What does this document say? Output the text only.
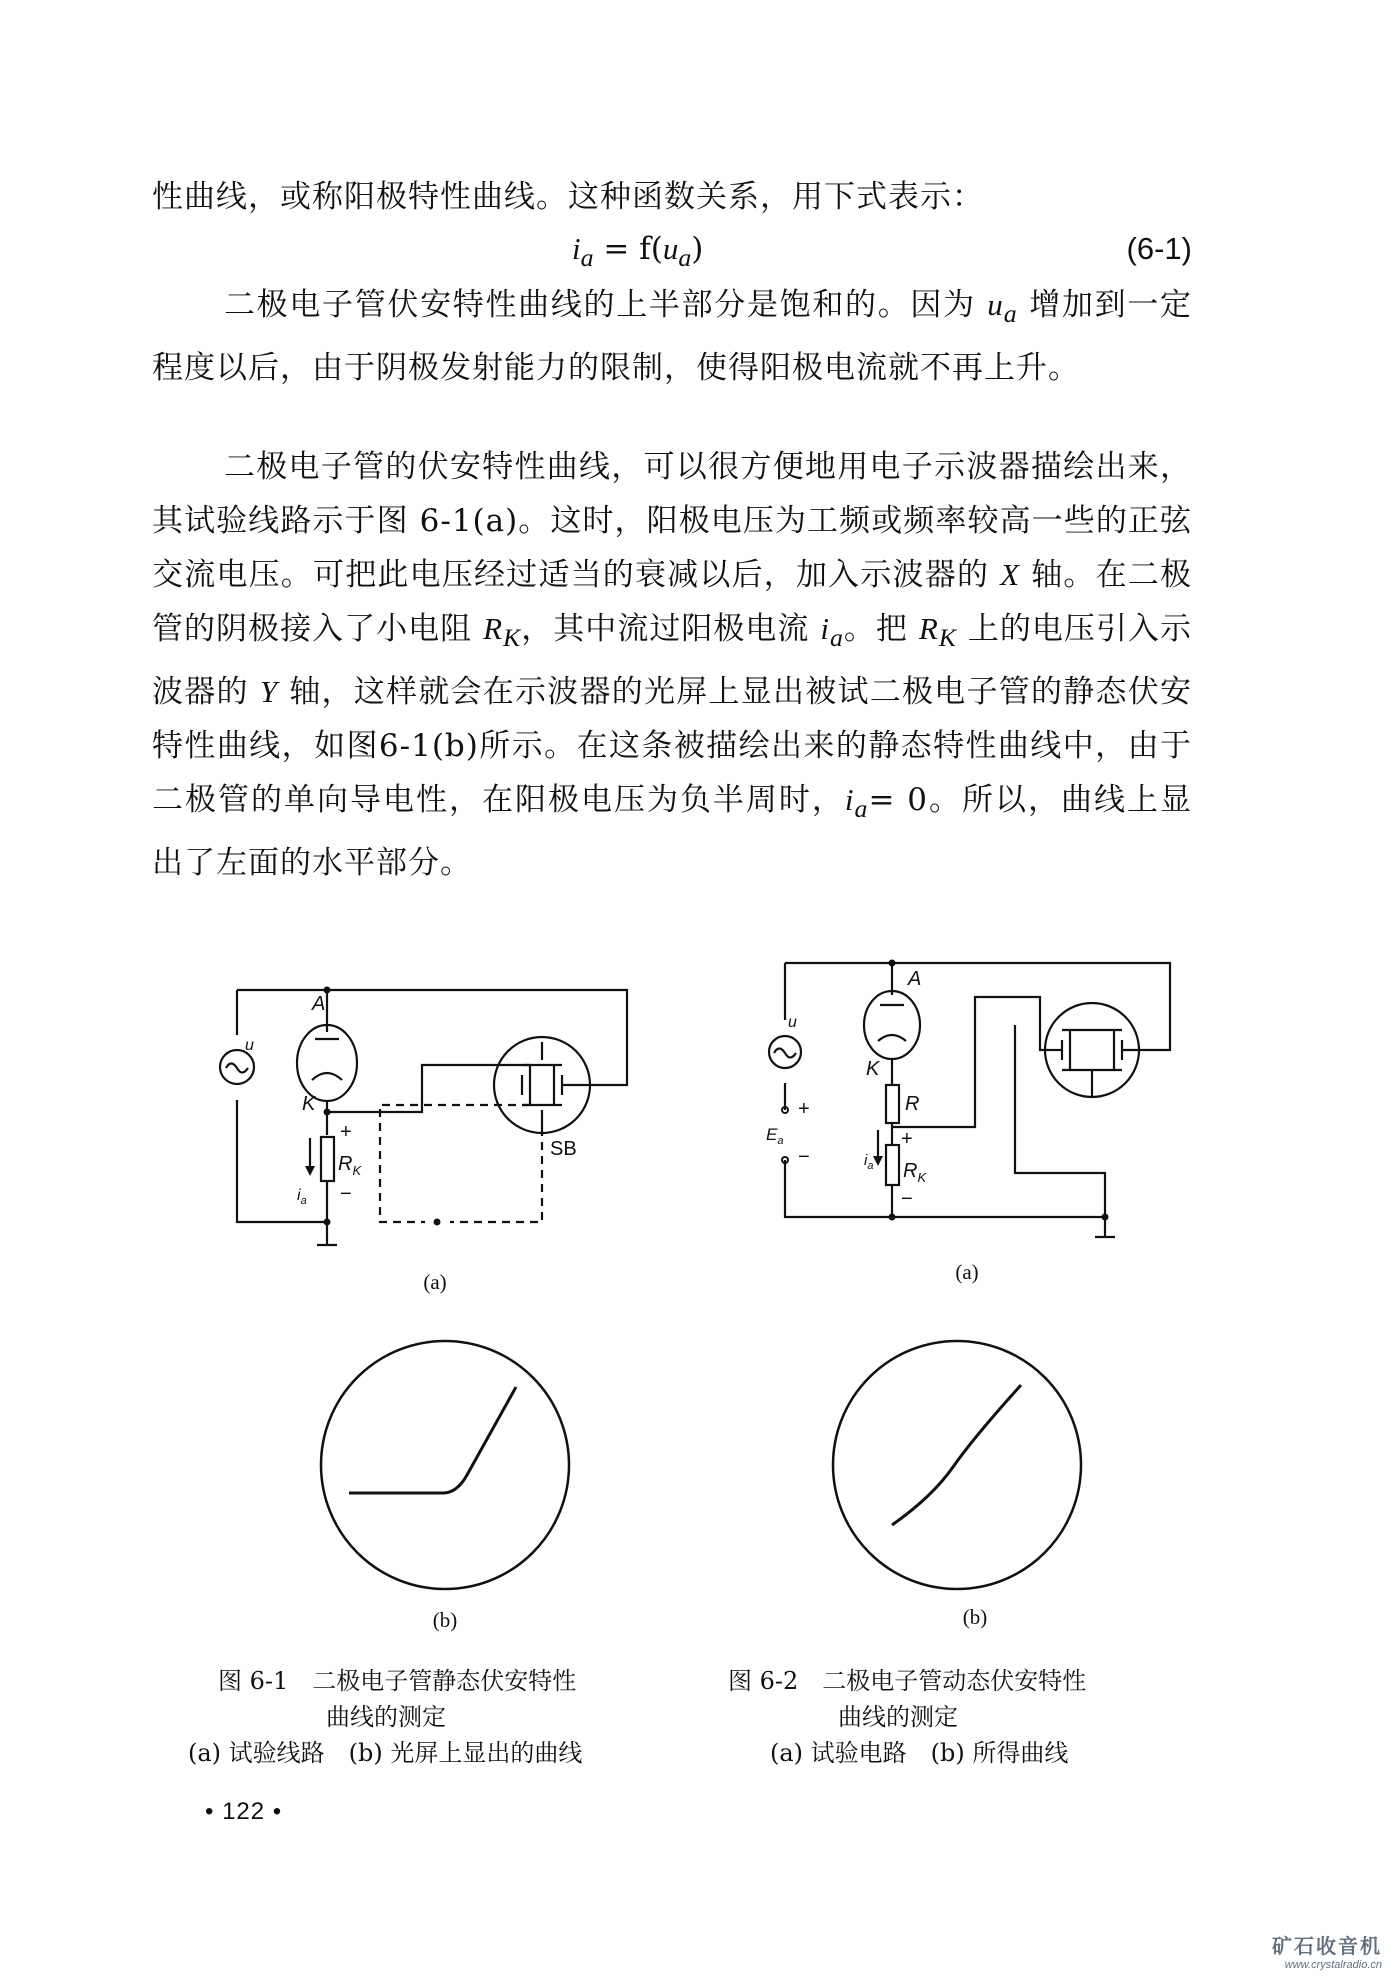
性曲线，或称阳极特性曲线。这种函数关系，用下式表示：

$i_a = f(u_a)$	(6-1)

二极电子管伏安特性曲线的上半部分是饱和的。因为 $u_a$ 增加到一定程度以后，由于阴极发射能力的限制，使得阳极电流就不再上升。

二极电子管的伏安特性曲线，可以很方便地用电子示波器描绘出来，其试验线路示于图 6-1(a)。这时，阳极电压为工频或频率较高一些的正弦交流电压。可把此电压经过适当的衰减以后，加入示波器的 X 轴。在二极管的阴极接入了小电阻 $R_K$，其中流过阳极电流 $i_a$。把 $R_K$ 上的电压引入示波器的 Y 轴，这样就会在示波器的光屏上显出被试二极电子管的静态伏安特性曲线，如图6-1(b)所示。在这条被描绘出来的静态特性曲线中，由于二极管的单向导电性，在阳极电压为负半周时，$i_a= 0$。所以，曲线上显出了左面的水平部分。

A
K
u
+
−
$R_K$
$i_a$
SB
(a)
A
K
u
+
−
$E_a$
R
+
$R_K$
−
$i_a$
(a)
(b)	(b)
图 6-1　二极电子管静态伏安特性
曲线的测定
(a) 试验线路　(b) 光屏上显出的曲线
图 6-2　二极电子管动态伏安特性
曲线的测定
(a) 试验电路　(b) 所得曲线
• 122 •
矿石收音机
www.crystalradio.cn
